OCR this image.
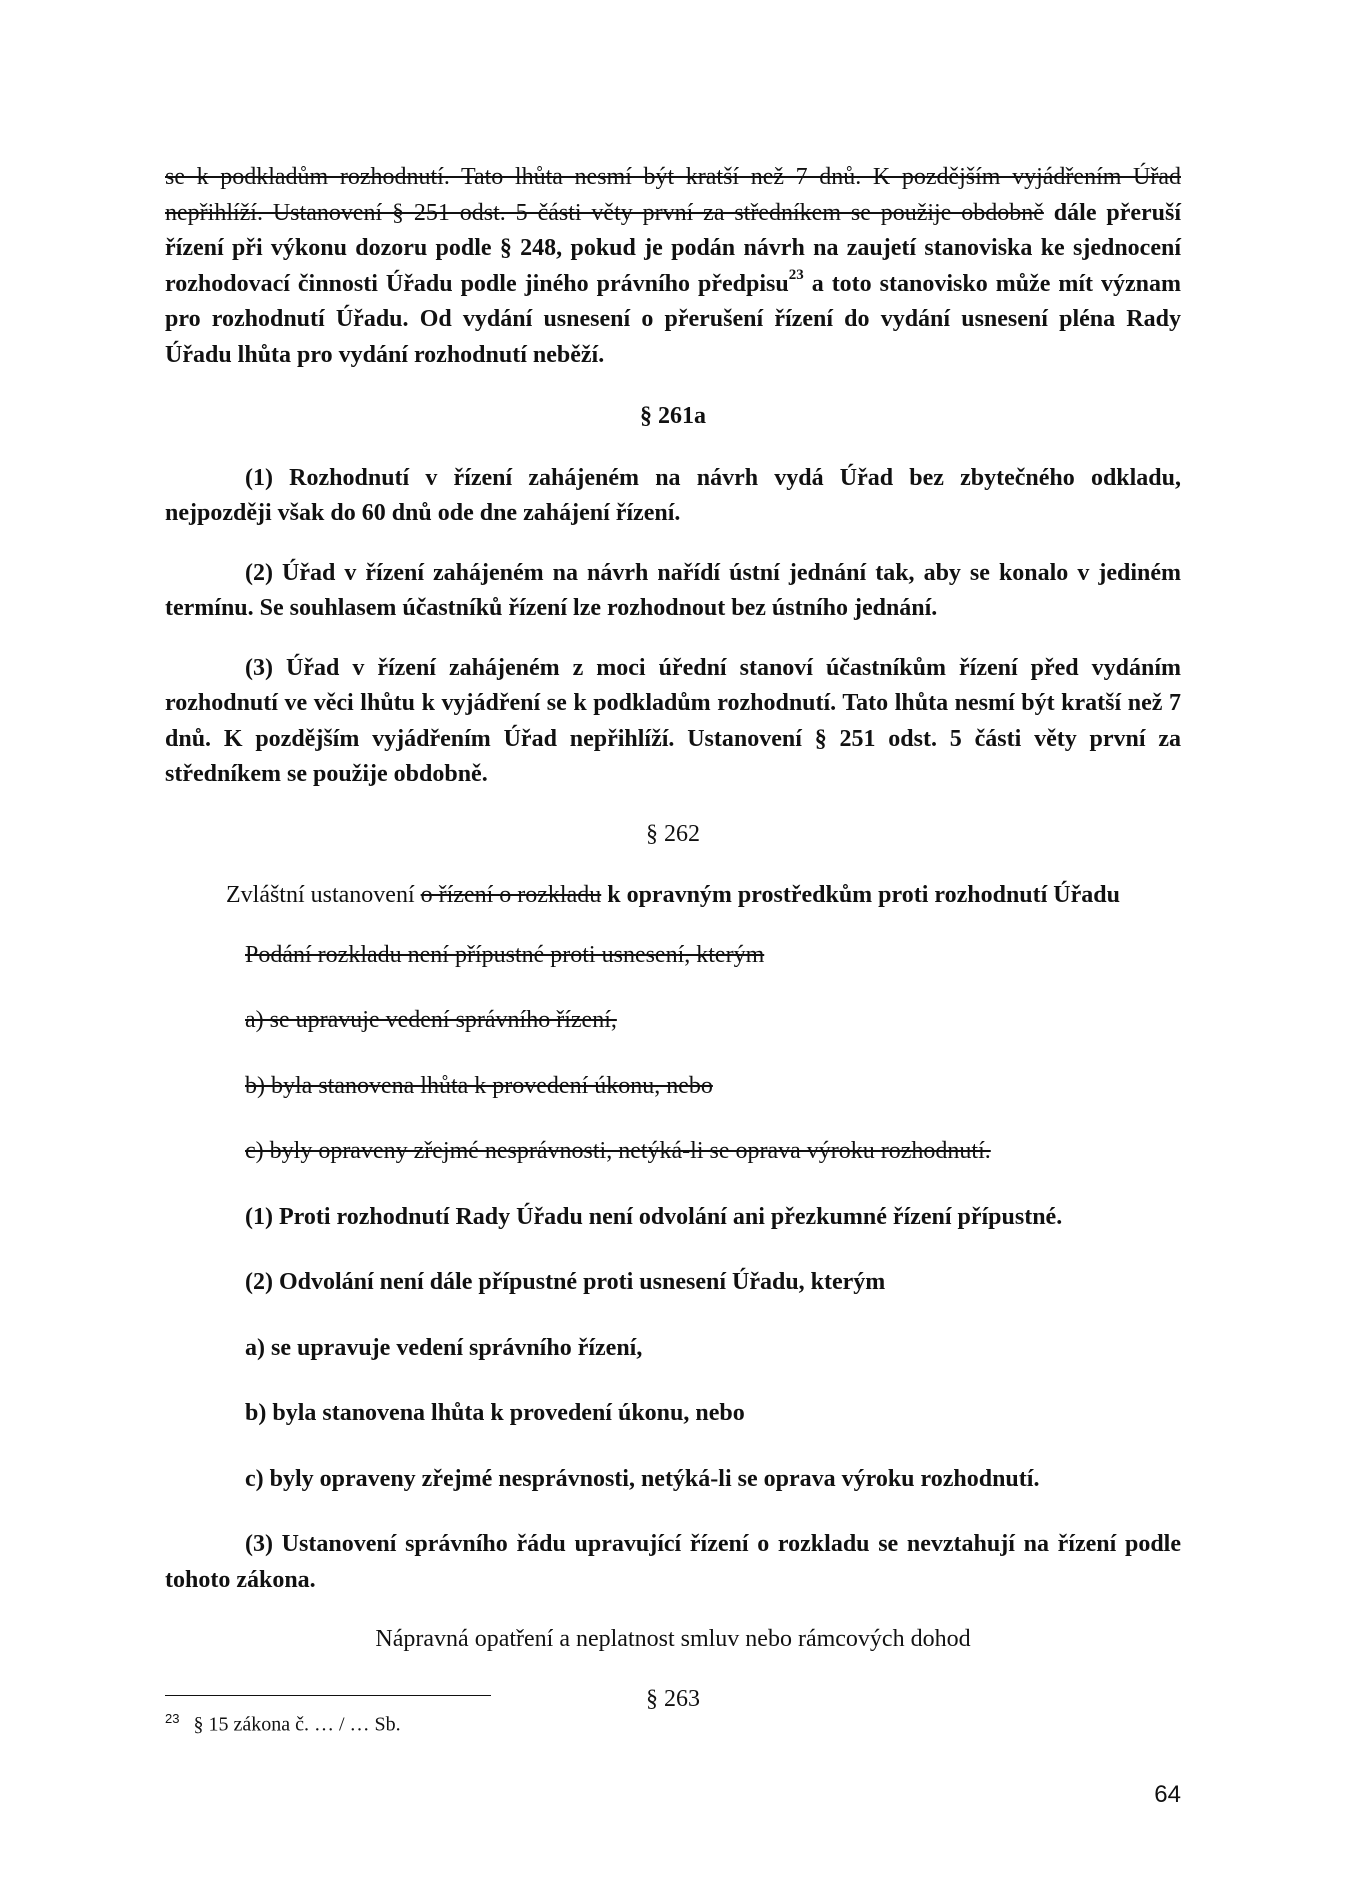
se k podkladům rozhodnutí. Tato lhůta nesmí být kratší než 7 dnů. K pozdějším vyjádřením Úřad nepřihlíží. Ustanovení § 251 odst. 5 části věty první za středníkem se použije obdobně dále přeruší řízení při výkonu dozoru podle § 248, pokud je podán návrh na zaujetí stanoviska ke sjednocení rozhodovací činnosti Úřadu podle jiného právního předpisu$^{23}$ a toto stanovisko může mít význam pro rozhodnutí Úřadu. Od vydání usnesení o přerušení řízení do vydání usnesení pléna Rady Úřadu lhůta pro vydání rozhodnutí neběží.

§ 261a

(1) Rozhodnutí v řízení zahájeném na návrh vydá Úřad bez zbytečného odkladu, nejpozději však do 60 dnů ode dne zahájení řízení.

(2) Úřad v řízení zahájeném na návrh nařídí ústní jednání tak, aby se konalo v jediném termínu. Se souhlasem účastníků řízení lze rozhodnout bez ústního jednání.

(3) Úřad v řízení zahájeném z moci úřední stanoví účastníkům řízení před vydáním rozhodnutí ve věci lhůtu k vyjádření se k podkladům rozhodnutí. Tato lhůta nesmí být kratší než 7 dnů. K pozdějším vyjádřením Úřad nepřihlíží. Ustanovení § 251 odst. 5 části věty první za středníkem se použije obdobně.

§ 262

Zvláštní ustanovení o řízení o rozkladu k opravným prostředkům proti rozhodnutí Úřadu

Podání rozkladu není přípustné proti usnesení, kterým

a) se upravuje vedení správního řízení,

b) byla stanovena lhůta k provedení úkonu, nebo

c) byly opraveny zřejmé nesprávnosti, netýká-li se oprava výroku rozhodnutí.

(1) Proti rozhodnutí Rady Úřadu není odvolání ani přezkumné řízení přípustné.

(2) Odvolání není dále přípustné proti usnesení Úřadu, kterým

a) se upravuje vedení správního řízení,

b) byla stanovena lhůta k provedení úkonu, nebo

c) byly opraveny zřejmé nesprávnosti, netýká-li se oprava výroku rozhodnutí.

(3) Ustanovení správního řádu upravující řízení o rozkladu se nevztahují na řízení podle tohoto zákona.

Nápravná opatření a neplatnost smluv nebo rámcových dohod

§ 263

$^{23}$ § 15 zákona č. … / … Sb.
64
